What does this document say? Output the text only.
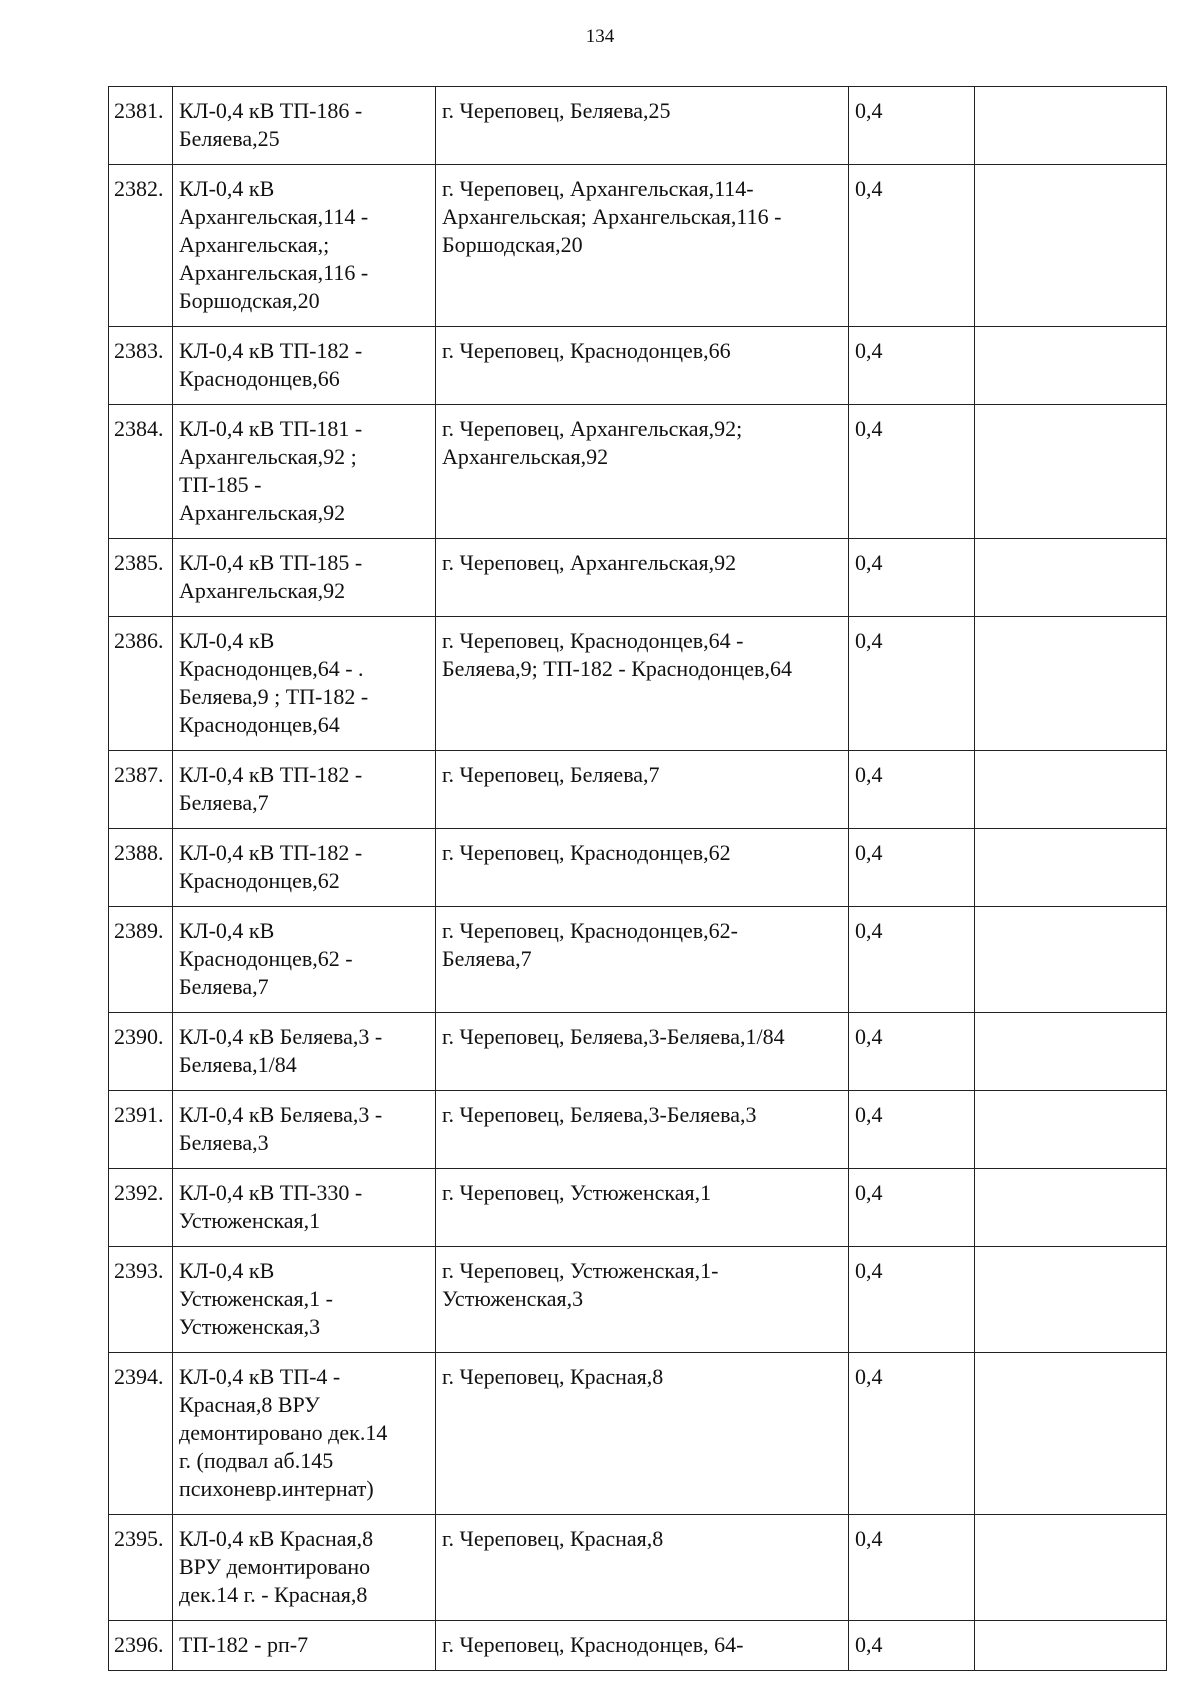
134
2381.	КЛ-0,4 кВ ТП-186 -
Беляева,25	г. Череповец, Беляева,25	0,4	
2382.	КЛ-0,4 кВ
Архангельская,114 -
Архангельская,;
Архангельская,116 -
Боршодская,20	г. Череповец, Архангельская,114-
Архангельская; Архангельская,116 -
Боршодская,20	0,4	
2383.	КЛ-0,4 кВ ТП-182 -
Краснодонцев,66	г. Череповец, Краснодонцев,66	0,4	
2384.	КЛ-0,4 кВ ТП-181 -
Архангельская,92 ;
ТП-185 -
Архангельская,92	г. Череповец, Архангельская,92;
Архангельская,92	0,4	
2385.	КЛ-0,4 кВ ТП-185 -
Архангельская,92	г. Череповец, Архангельская,92	0,4	
2386.	КЛ-0,4 кВ
Краснодонцев,64 - .
Беляева,9 ; ТП-182 -
Краснодонцев,64	г. Череповец, Краснодонцев,64 -
Беляева,9; ТП-182 - Краснодонцев,64	0,4	
2387.	КЛ-0,4 кВ ТП-182 -
Беляева,7	г. Череповец, Беляева,7	0,4	
2388.	КЛ-0,4 кВ ТП-182 -
Краснодонцев,62	г. Череповец, Краснодонцев,62	0,4	
2389.	КЛ-0,4 кВ
Краснодонцев,62 -
Беляева,7	г. Череповец, Краснодонцев,62-
Беляева,7	0,4	
2390.	КЛ-0,4 кВ Беляева,3 -
Беляева,1/84	г. Череповец, Беляева,3-Беляева,1/84	0,4	
2391.	КЛ-0,4 кВ Беляева,3 -
Беляева,3	г. Череповец, Беляева,3-Беляева,3	0,4	
2392.	КЛ-0,4 кВ ТП-330 -
Устюженская,1	г. Череповец, Устюженская,1	0,4	
2393.	КЛ-0,4 кВ
Устюженская,1 -
Устюженская,3	г. Череповец, Устюженская,1-
Устюженская,3	0,4	
2394.	КЛ-0,4 кВ ТП-4 -
Красная,8 ВРУ
демонтировано дек.14
г. (подвал аб.145
психоневр.интернат)	г. Череповец, Красная,8	0,4	
2395.	КЛ-0,4 кВ Красная,8
ВРУ демонтировано
дек.14 г. - Красная,8	г. Череповец, Красная,8	0,4	
2396.	ТП-182 - рп-7	г. Череповец, Краснодонцев, 64-	0,4	
